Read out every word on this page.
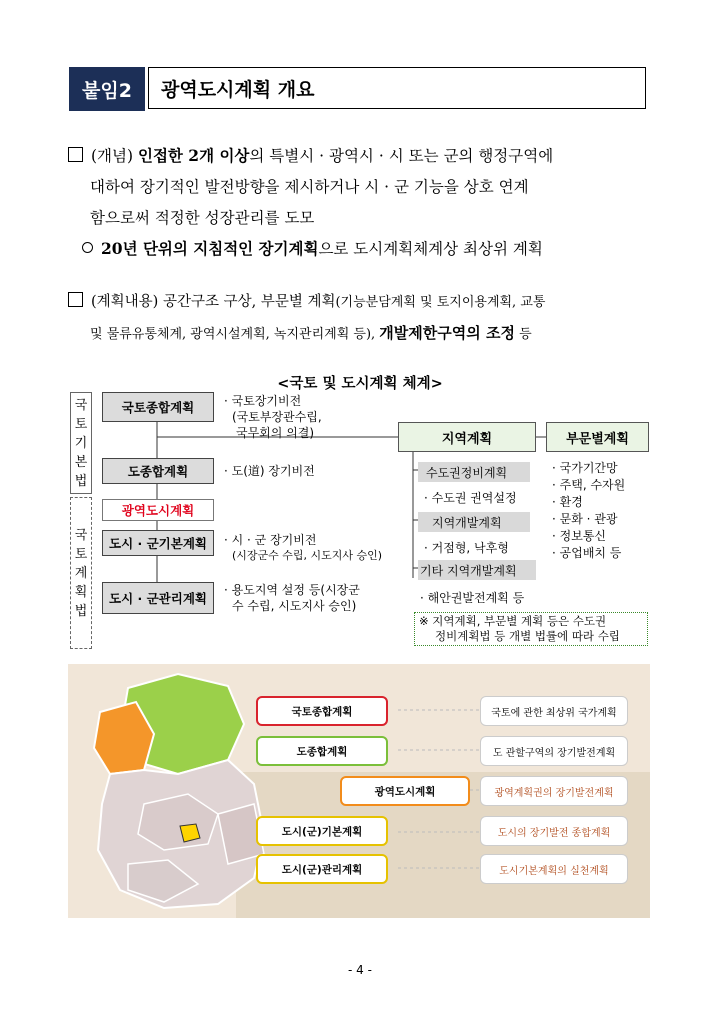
붙임2	광역도시계획 개요
(개념) 인접한 2개 이상의 특별시 · 광역시 · 시 또는 군의 행정구역에
대하여 장기적인 발전방향을 제시하거나 시 · 군 기능을 상호 연계
함으로써 적정한 성장관리를 도모
20년 단위의 지침적인 장기계획으로 도시계획체계상 최상위 계획
(계획내용) 공간구조 구상, 부문별 계획(기능분담계획 및 토지이용계획, 교통
및 물류유통체계, 광역시설계획, 녹지관리계획 등), 개발제한구역의 조정 등
<국토 및 도시계획 체계>
국
토
기
본
법
국
토
계
획
법
국토종합계획
도종합계획
광역도시계획
도시 · 군기본계획
도시 · 군관리계획
· 국토장기비전
(국토부장관수립,
국무회의 의결)
· 도(道) 장기비전
· 시 · 군 장기비전
(시장군수 수립, 시도지사 승인)
· 용도지역 설정 등(시장군
수 수립, 시도지사 승인)
지역계획	부문별계획
수도권정비계획
· 수도권 권역설정
지역개발계획
· 거점형, 낙후형
기타 지역개발계획
· 해안권발전계획 등
· 국가기간망
· 주택, 수자원
· 환경
· 문화 · 관광
· 정보통신
· 공업배치 등
※ 지역계획, 부문별 계획 등은 수도권
정비계획법 등 개별 법률에 따라 수립
국토종합계획
도종합계획
광역도시계획
도시(군)기본계획
도시(군)관리계획
국토에 관한 최상위 국가계획
도 관할구역의 장기발전계획
광역계획권의 장기발전계획
도시의 장기발전 종합계획
도시기본계획의 실천계획
- 4 -
